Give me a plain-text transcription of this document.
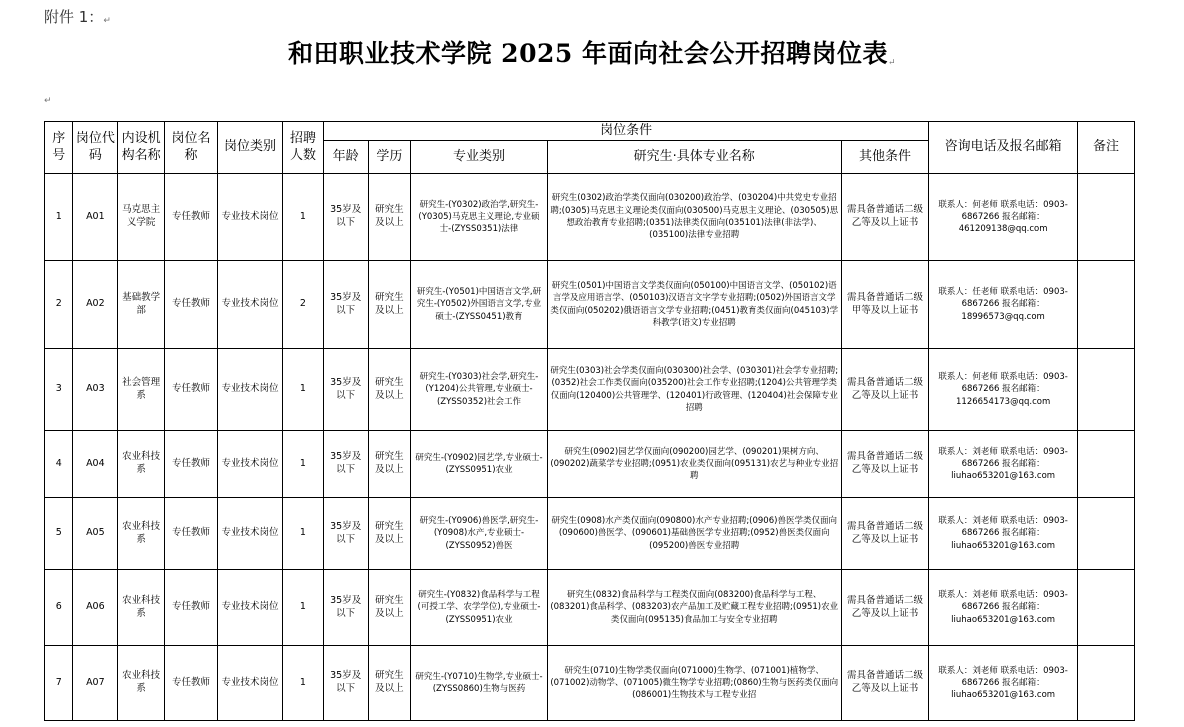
附件 1：↵
和田职业技术学院 2025 年面向社会公开招聘岗位表↵
↵
序号	岗位代码	内设机构名称	岗位名称	岗位类别	招聘人数	岗位条件					咨询电话及报名邮箱	备注
						年龄	学历	专业类别	研究生·具体专业名称	其他条件		
1	A01	马克思主义学院	专任教师	专业技术岗位	1	35岁及以下	研究生及以上	研究生-(Y0302)政治学,研究生-(Y0305)马克思主义理论,专业硕士-(ZYSS0351)法律	研究生(0302)政治学类仅面向(030200)政治学、(030204)中共党史专业招聘;(0305)马克思主义理论类仅面向(030500)马克思主义理论、(030505)思想政治教育专业招聘;(0351)法律类仅面向(035101)法律(非法学)、(035100)法律专业招聘	需具备普通话二级乙等及以上证书	联系人：何老师 联系电话：0903-6867266 报名邮箱：461209138@qq.com	
2	A02	基础教学部	专任教师	专业技术岗位	2	35岁及以下	研究生及以上	研究生-(Y0501)中国语言文学,研究生-(Y0502)外国语言文学,专业硕士-(ZYSS0451)教育	研究生(0501)中国语言文学类仅面向(050100)中国语言文学、(050102)语言学及应用语言学、(050103)汉语言文字学专业招聘;(0502)外国语言文学类仅面向(050202)俄语语言文学专业招聘;(0451)教育类仅面向(045103)学科教学(语文)专业招聘	需具备普通话二级甲等及以上证书	联系人：任老师 联系电话：0903-6867266 报名邮箱：18996573@qq.com	
3	A03	社会管理系	专任教师	专业技术岗位	1	35岁及以下	研究生及以上	研究生-(Y0303)社会学,研究生-(Y1204)公共管理,专业硕士-(ZYSS0352)社会工作	研究生(0303)社会学类仅面向(030300)社会学、(030301)社会学专业招聘;(0352)社会工作类仅面向(035200)社会工作专业招聘;(1204)公共管理学类仅面向(120400)公共管理学、(120401)行政管理、(120404)社会保障专业招聘	需具备普通话二级乙等及以上证书	联系人：何老师 联系电话：0903-6867266 报名邮箱：1126654173@qq.com	
4	A04	农业科技系	专任教师	专业技术岗位	1	35岁及以下	研究生及以上	研究生-(Y0902)园艺学,专业硕士-(ZYSS0951)农业	研究生(0902)园艺学仅面向(090200)园艺学、(090201)果树方向、(090202)蔬菜学专业招聘;(0951)农业类仅面向(095131)农艺与种业专业招聘	需具备普通话二级乙等及以上证书	联系人：刘老师 联系电话：0903-6867266 报名邮箱：liuhao653201@163.com	
5	A05	农业科技系	专任教师	专业技术岗位	1	35岁及以下	研究生及以上	研究生-(Y0906)兽医学,研究生-(Y0908)水产,专业硕士-(ZYSS0952)兽医	研究生(0908)水产类仅面向(090800)水产专业招聘;(0906)兽医学类仅面向(090600)兽医学、(090601)基础兽医学专业招聘;(0952)兽医类仅面向(095200)兽医专业招聘	需具备普通话二级乙等及以上证书	联系人：刘老师 联系电话：0903-6867266 报名邮箱：liuhao653201@163.com	
6	A06	农业科技系	专任教师	专业技术岗位	1	35岁及以下	研究生及以上	研究生-(Y0832)食品科学与工程(可授工学、农学学位),专业硕士-(ZYSS0951)农业	研究生(0832)食品科学与工程类仅面向(083200)食品科学与工程、(083201)食品科学、(083203)农产品加工及贮藏工程专业招聘;(0951)农业类仅面向(095135)食品加工与安全专业招聘	需具备普通话二级乙等及以上证书	联系人：刘老师 联系电话：0903-6867266 报名邮箱：liuhao653201@163.com	
7	A07	农业科技系	专任教师	专业技术岗位	1	35岁及以下	研究生及以上	研究生-(Y0710)生物学,专业硕士-(ZYSS0860)生物与医药	研究生(0710)生物学类仅面向(071000)生物学、(071001)植物学、(071002)动物学、(071005)微生物学专业招聘;(0860)生物与医药类仅面向(086001)生物技术与工程专业招	需具备普通话二级乙等及以上证书	联系人：刘老师 联系电话：0903-6867266 报名邮箱：liuhao653201@163.com	
